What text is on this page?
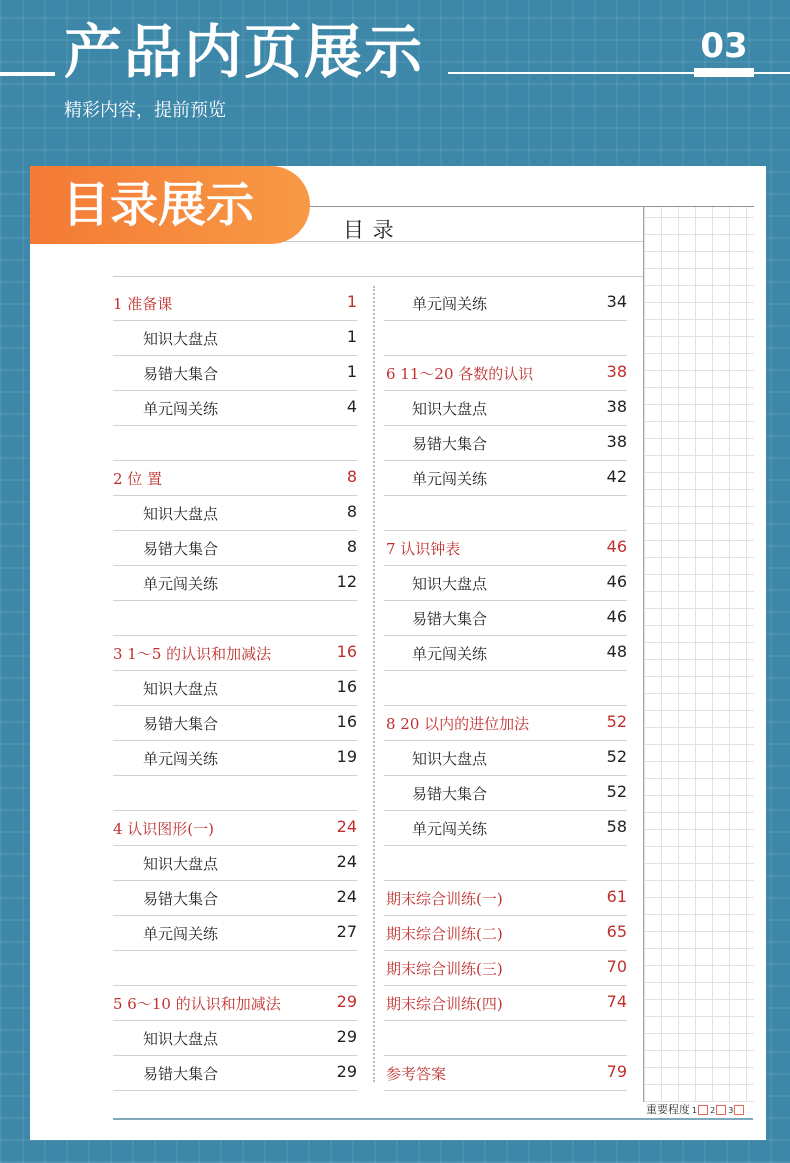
产品内页展示	03
精彩内容，提前预览
目录展示	目 录
1 准备课	1
知识大盘点	1
易错大集合	1
单元闯关练	4
2 位 置	8
知识大盘点	8
易错大集合	8
单元闯关练	12
3 1～5 的认识和加减法	16
知识大盘点	16
易错大集合	16
单元闯关练	19
4 认识图形(一)	24
知识大盘点	24
易错大集合	24
单元闯关练	27
5 6～10 的认识和加减法	29
知识大盘点	29
易错大集合	29
单元闯关练	34
6 11～20 各数的认识	38
知识大盘点	38
易错大集合	38
单元闯关练	42
7 认识钟表	46
知识大盘点	46
易错大集合	46
单元闯关练	48
8 20 以内的进位加法	52
知识大盘点	52
易错大集合	52
单元闯关练	58
期末综合训练(一)	61
期末综合训练(二)	65
期末综合训练(三)	70
期末综合训练(四)	74
参考答案	79
重要程度 1 2 3
